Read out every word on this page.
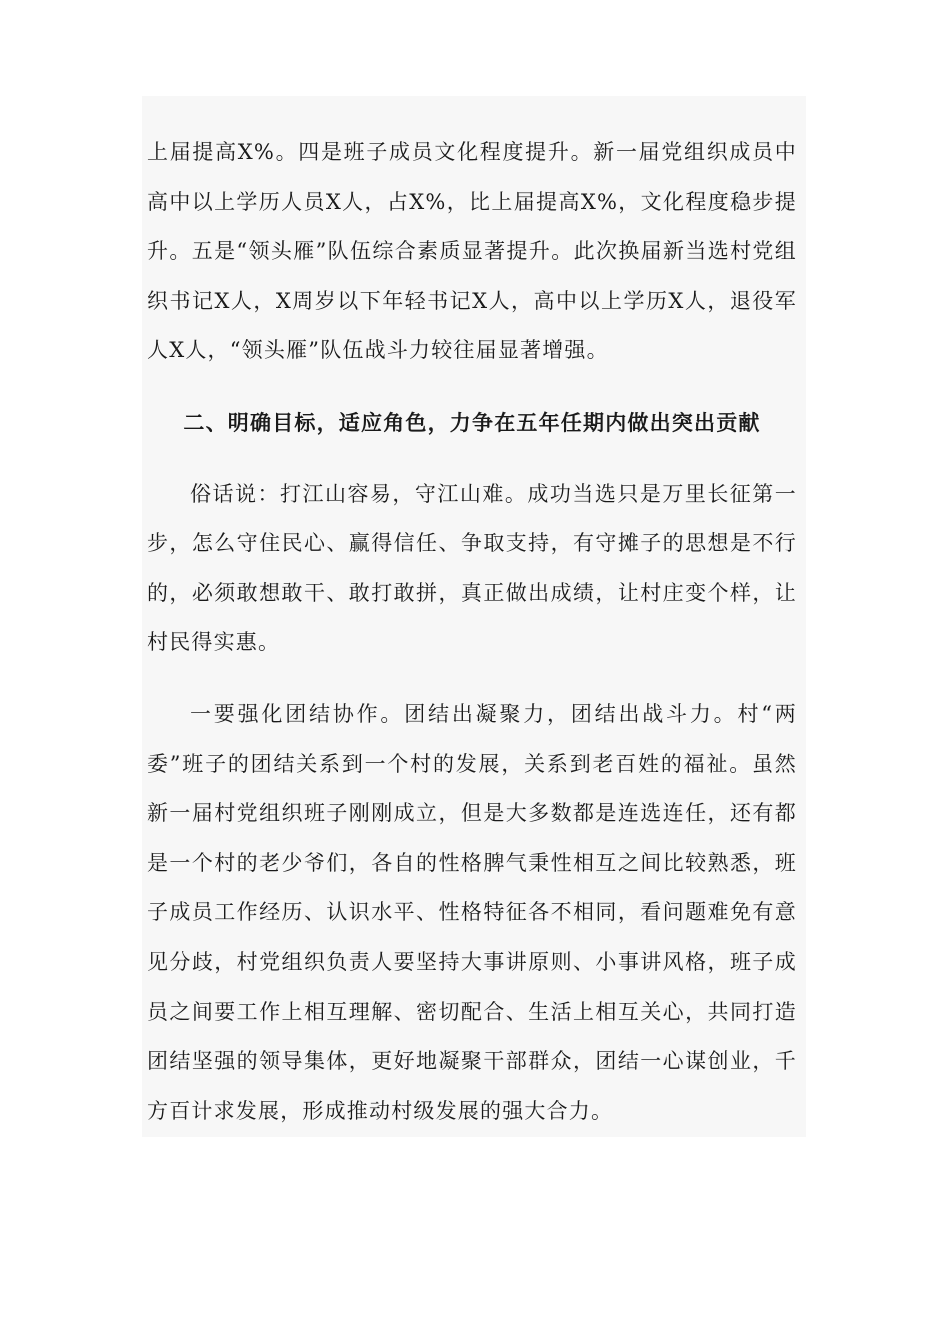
上届提高X%。四是班子成员文化程度提升。新一届党组织成员中高中以上学历人员X人，占X%，比上届提高X%，文化程度稳步提升。五是“领头雁”队伍综合素质显著提升。此次换届新当选村党组织书记X人，X周岁以下年轻书记X人，高中以上学历X人，退役军人X人，“领头雁”队伍战斗力较往届显著增强。

二、明确目标，适应角色，力争在五年任期内做出突出贡献

俗话说：打江山容易，守江山难。成功当选只是万里长征第一步，怎么守住民心、赢得信任、争取支持，有守摊子的思想是不行的，必须敢想敢干、敢打敢拼，真正做出成绩，让村庄变个样，让村民得实惠。

一要强化团结协作。团结出凝聚力，团结出战斗力。村“两委”班子的团结关系到一个村的发展，关系到老百姓的福祉。虽然新一届村党组织班子刚刚成立，但是大多数都是连选连任，还有都是一个村的老少爷们，各自的性格脾气秉性相互之间比较熟悉，班子成员工作经历、认识水平、性格特征各不相同，看问题难免有意见分歧，村党组织负责人要坚持大事讲原则、小事讲风格，班子成员之间要工作上相互理解、密切配合、生活上相互关心，共同打造团结坚强的领导集体，更好地凝聚干部群众，团结一心谋创业，千方百计求发展，形成推动村级发展的强大合力。
